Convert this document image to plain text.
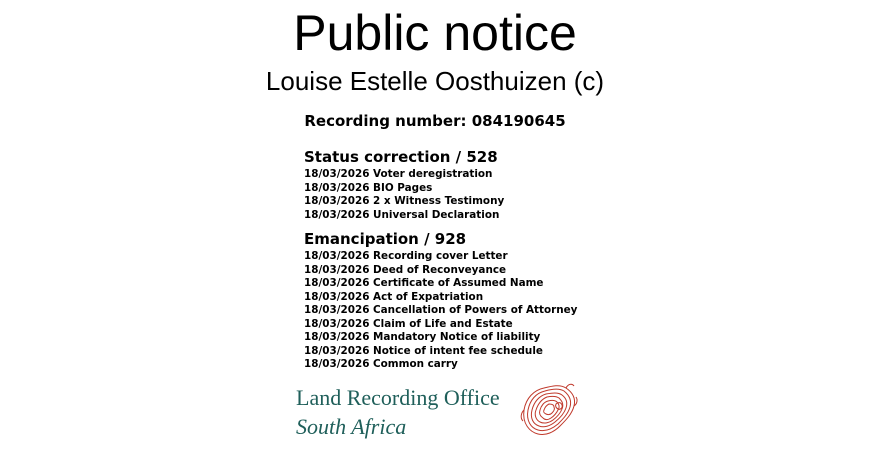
Public notice
Louise Estelle Oosthuizen (c)
Recording number: 084190645
Status correction / 528
18/03/2026 Voter deregistration
18/03/2026 BIO Pages
18/03/2026 2 x Witness Testimony
18/03/2026 Universal Declaration
Emancipation / 928
18/03/2026 Recording cover Letter
18/03/2026 Deed of Reconveyance
18/03/2026 Certificate of Assumed Name
18/03/2026 Act of Expatriation
18/03/2026 Cancellation of Powers of Attorney
18/03/2026 Claim of Life and Estate
18/03/2026 Mandatory Notice of liability
18/03/2026 Notice of intent fee schedule
18/03/2026 Common carry
Land Recording Office
South Africa
